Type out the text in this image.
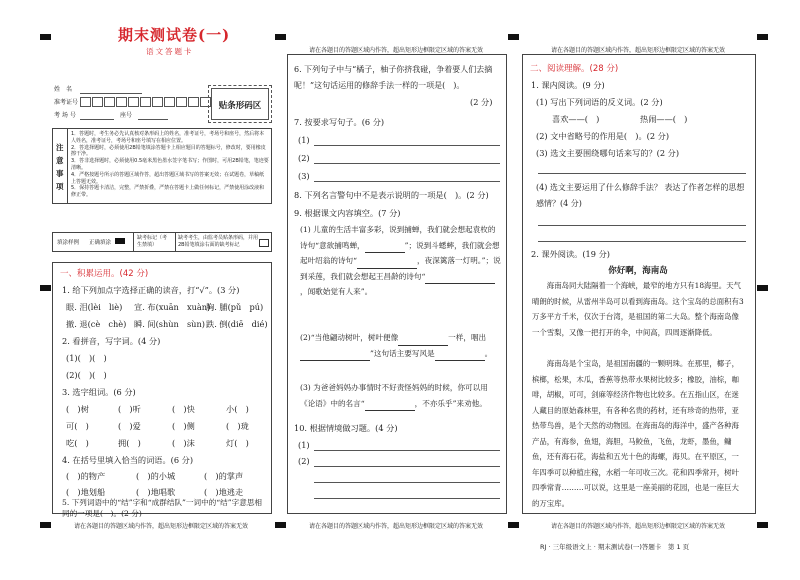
期末测试卷(一)
语文答题卡
姓　名
准考证号
考 场 号	座号
贴条形码区
注
意
事
项
1．答题时，考生务必先认真核对条形码上的姓名，准考证号，考场号和座号，然后将本人姓名，准考证号，考场号和座号填写在相应位置。
2．答选择题时，必须使用2B铅笔填涂答题卡上相应题目的答题标号，修改时，要用橡皮擦干净。
3．答非选择题时，必须使用0.5毫米黑色墨水签字笔书写；作图时，可用2B铅笔，笔迹要清晰。
4．严格按题号所示的答题区域作答，超出答题区域书写的答案无效；在试题卷，草稿纸上答题无效。
5．保持答题卡清洁，完整，严禁折叠，严禁在答题卡上做任何标记，严禁使用涂改液和修正带。
填涂样例 正确填涂
缺考标记（考生禁填）
缺考考生，由监考员贴条形码，并用2B铅笔填涂右面的缺考标记
一、积累运用。(42 分)
1. 给下列加点字选择正确的读音，打“√”。(3 分)
眼. 泪(lèi　liè) 宣. 布(xuān　xuàn)
胸. 脯(pǔ　pú)
撤. 退(cè　chè) 瞬. 间(shùn　sùn) 跌. 倒(diē　dié)
2. 看拼音，写字词。(4 分)
(1)(　)(　)
(2)(　)(　)
3. 选字组词。(6 分)
(　)树	(　)听	(　)快	小(　)
可(　)	(　)爱	(　)侧	(　)珑
吃(　)	拥(　)	(　)沫	灯(　)
4. 在括号里填入恰当的词语。(6 分)
(　)的物产	(　)的小城	(　)的掌声
(　)地划船	(　)地唱歌	(　)地逃走
5. 下列词语中的“结”字和“成群结队”一词中的“结”字意思相同的一项是(　)。(2 分)
请在各题目的答题区域内作答，超出矩形边框限定区域的答案无效
请在各题目的答题区域内作答，超出矩形边框限定区域的答案无效
6. 下列句子中与“橘子，柚子你挤我碰，争着要人们去摘呢！”这句话运用的修辞手法一样的一项是(　)。
(2 分)
7. 按要求写句子。(6 分)
(1)
(2)
(3)
8. 下列名言警句中不是表示说明的一项是(　)。(2 分)
9. 根据课文内容填空。(7 分)
(1) 儿童的生活丰富多彩，说到捕蝉，我们就会想起袁枚的诗句“意欲捕鸣蝉，	”；说到斗蟋蟀，我们就会想起叶绍翁的诗句“	，夜深篱落一灯明。”；说到采莲，我们就会想起王昌龄的诗句“，闻歌始觉有人来”。
(2)“当他翩动树叶，树叶便像	一样，咽出”这句话主要写风是	。
(3) 为爸爸妈妈办事情时不好责怪妈妈的时候，你可以用《论语》中的名言“	，不亦乐乎”来劝他。
10. 根据情境做习题。(4 分)
(1)
(2)
请在各题目的答题区域内作答，超出矩形边框限定区域的答案无效
请在各题目的答题区域内作答，超出矩形边框限定区域的答案无效
二、阅读理解。(28 分)
1. 课内阅读。(9 分)
(1) 写出下列词语的反义词。(2 分)
喜欢——(　)	热闹——(　)
(2) 文中省略号的作用是(　)。(2 分)
(3) 选文主要围绕哪句话来写的？(2 分)
(4) 选文主要运用了什么修辞手法？ 表达了作者怎样的思想感情？(4 分)
2. 课外阅读。(19 分)
你好啊，海南岛
海南岛同大陆隔着一个海峡，最窄的地方只有18海里。天气晴朗的时候，从雷州半岛可以看到海南岛。这个宝岛的总面积有3万多平方千米，仅次于台湾，是祖国的第二大岛。整个海南岛像一个雪梨，又像一把打开的伞，中间高，四周逐渐降低。
海南岛是个宝岛，是祖国南疆的一颗明珠。在那里，椰子，槟榔，松果，木瓜，香蕉等热带水果树比较多；橡胶，油棕，咖啡，胡椒，可可，剑麻等经济作物也比较多。在五指山区，在迷人藏目的原始森林里，有各种名贵的药材，还有珍奇的热带，亚热带鸟兽，是个天然的动物园。在海南岛的海洋中，盛产各种海产品，有海参，鱼翅，海胆，马鲛鱼，飞鱼，龙虾，墨鱼，鳙鱼，还有海石花，海盐和五光十色的海螺，海贝。在平原区，一年四季可以种植庄稼，水稻一年可收三次。花和四季常开，树叶四季常青………可以说，这里是一座美丽的花园，也是一座巨大的万宝库。
请在各题目的答题区域内作答，超出矩形边框限定区域的答案无效
RJ · 三年级语文上 · 期末测试卷(一)答题卡　第 1 页
